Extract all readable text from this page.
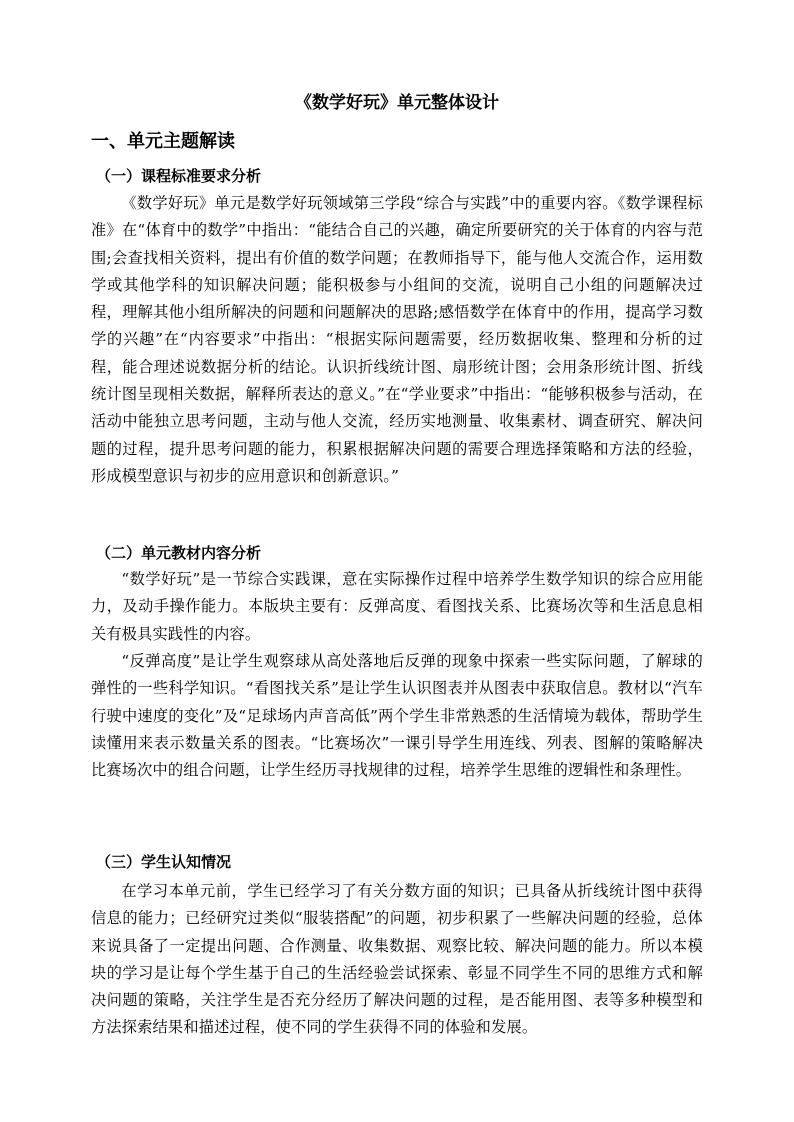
《数学好玩》单元整体设计
一、单元主题解读
（一）课程标准要求分析

《数学好玩》单元是数学好玩领域第三学段“综合与实践”中的重要内容。《数学课程标准》在“体育中的数学”中指出：“能结合自己的兴趣，确定所要研究的关于体育的内容与范围;会查找相关资料，提出有价值的数学问题；在教师指导下，能与他人交流合作，运用数学或其他学科的知识解决问题；能积极参与小组间的交流，说明自己小组的问题解决过程，理解其他小组所解决的问题和问题解决的思路;感悟数学在体育中的作用，提高学习数学的兴趣”在“内容要求”中指出：“根据实际问题需要，经历数据收集、整理和分析的过程，能合理述说数据分析的结论。认识折线统计图、扇形统计图；会用条形统计图、折线统计图呈现相关数据，解释所表达的意义。”在“学业要求”中指出：“能够积极参与活动，在活动中能独立思考问题，主动与他人交流，经历实地测量、收集素材、调查研究、解决问题的过程，提升思考问题的能力，积累根据解决问题的需要合理选择策略和方法的经验，形成模型意识与初步的应用意识和创新意识。”

（二）单元教材内容分析

“数学好玩”是一节综合实践课，意在实际操作过程中培养学生数学知识的综合应用能力，及动手操作能力。本版块主要有：反弹高度、看图找关系、比赛场次等和生活息息相关有极具实践性的内容。

“反弹高度”是让学生观察球从高处落地后反弹的现象中探索一些实际问题，了解球的弹性的一些科学知识。“看图找关系”是让学生认识图表并从图表中获取信息。教材以“汽车行驶中速度的变化”及“足球场内声音高低”两个学生非常熟悉的生活情境为载体，帮助学生读懂用来表示数量关系的图表。“比赛场次”一课引导学生用连线、列表、图解的策略解决比赛场次中的组合问题，让学生经历寻找规律的过程，培养学生思维的逻辑性和条理性。

（三）学生认知情况

在学习本单元前，学生已经学习了有关分数方面的知识；已具备从折线统计图中获得信息的能力；已经研究过类似“服装搭配”的问题，初步积累了一些解决问题的经验，总体来说具备了一定提出问题、合作测量、收集数据、观察比较、解决问题的能力。所以本模块的学习是让每个学生基于自己的生活经验尝试探索、彰显不同学生不同的思维方式和解决问题的策略，关注学生是否充分经历了解决问题的过程，是否能用图、表等多种模型和方法探索结果和描述过程，使不同的学生获得不同的体验和发展。
